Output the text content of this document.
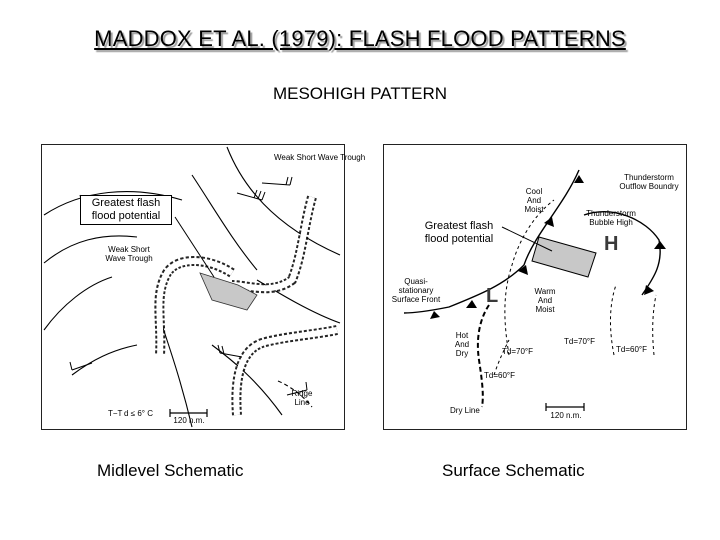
MADDOX ET AL. (1979): FLASH FLOOD PATTERNS
MESOHIGH PATTERN
Weak Short Wave Trough
Weak Short Wave Trough
Ridge Line
T−T d ≤ 6° C
120 n.m.
Greatest flash flood potential
H
L
Thunderstorm Outflow Boundry
Cool And Moist	Thunderstorm Bubble High
Quasi-stationary Surface Front
Warm And Moist
Hot And Dry	Td=70°F
Td=70°F
Td=60°F
Td=60°F
Dry Line
120 n.m.
Greatest flash flood potential
Midlevel Schematic	Surface Schematic
